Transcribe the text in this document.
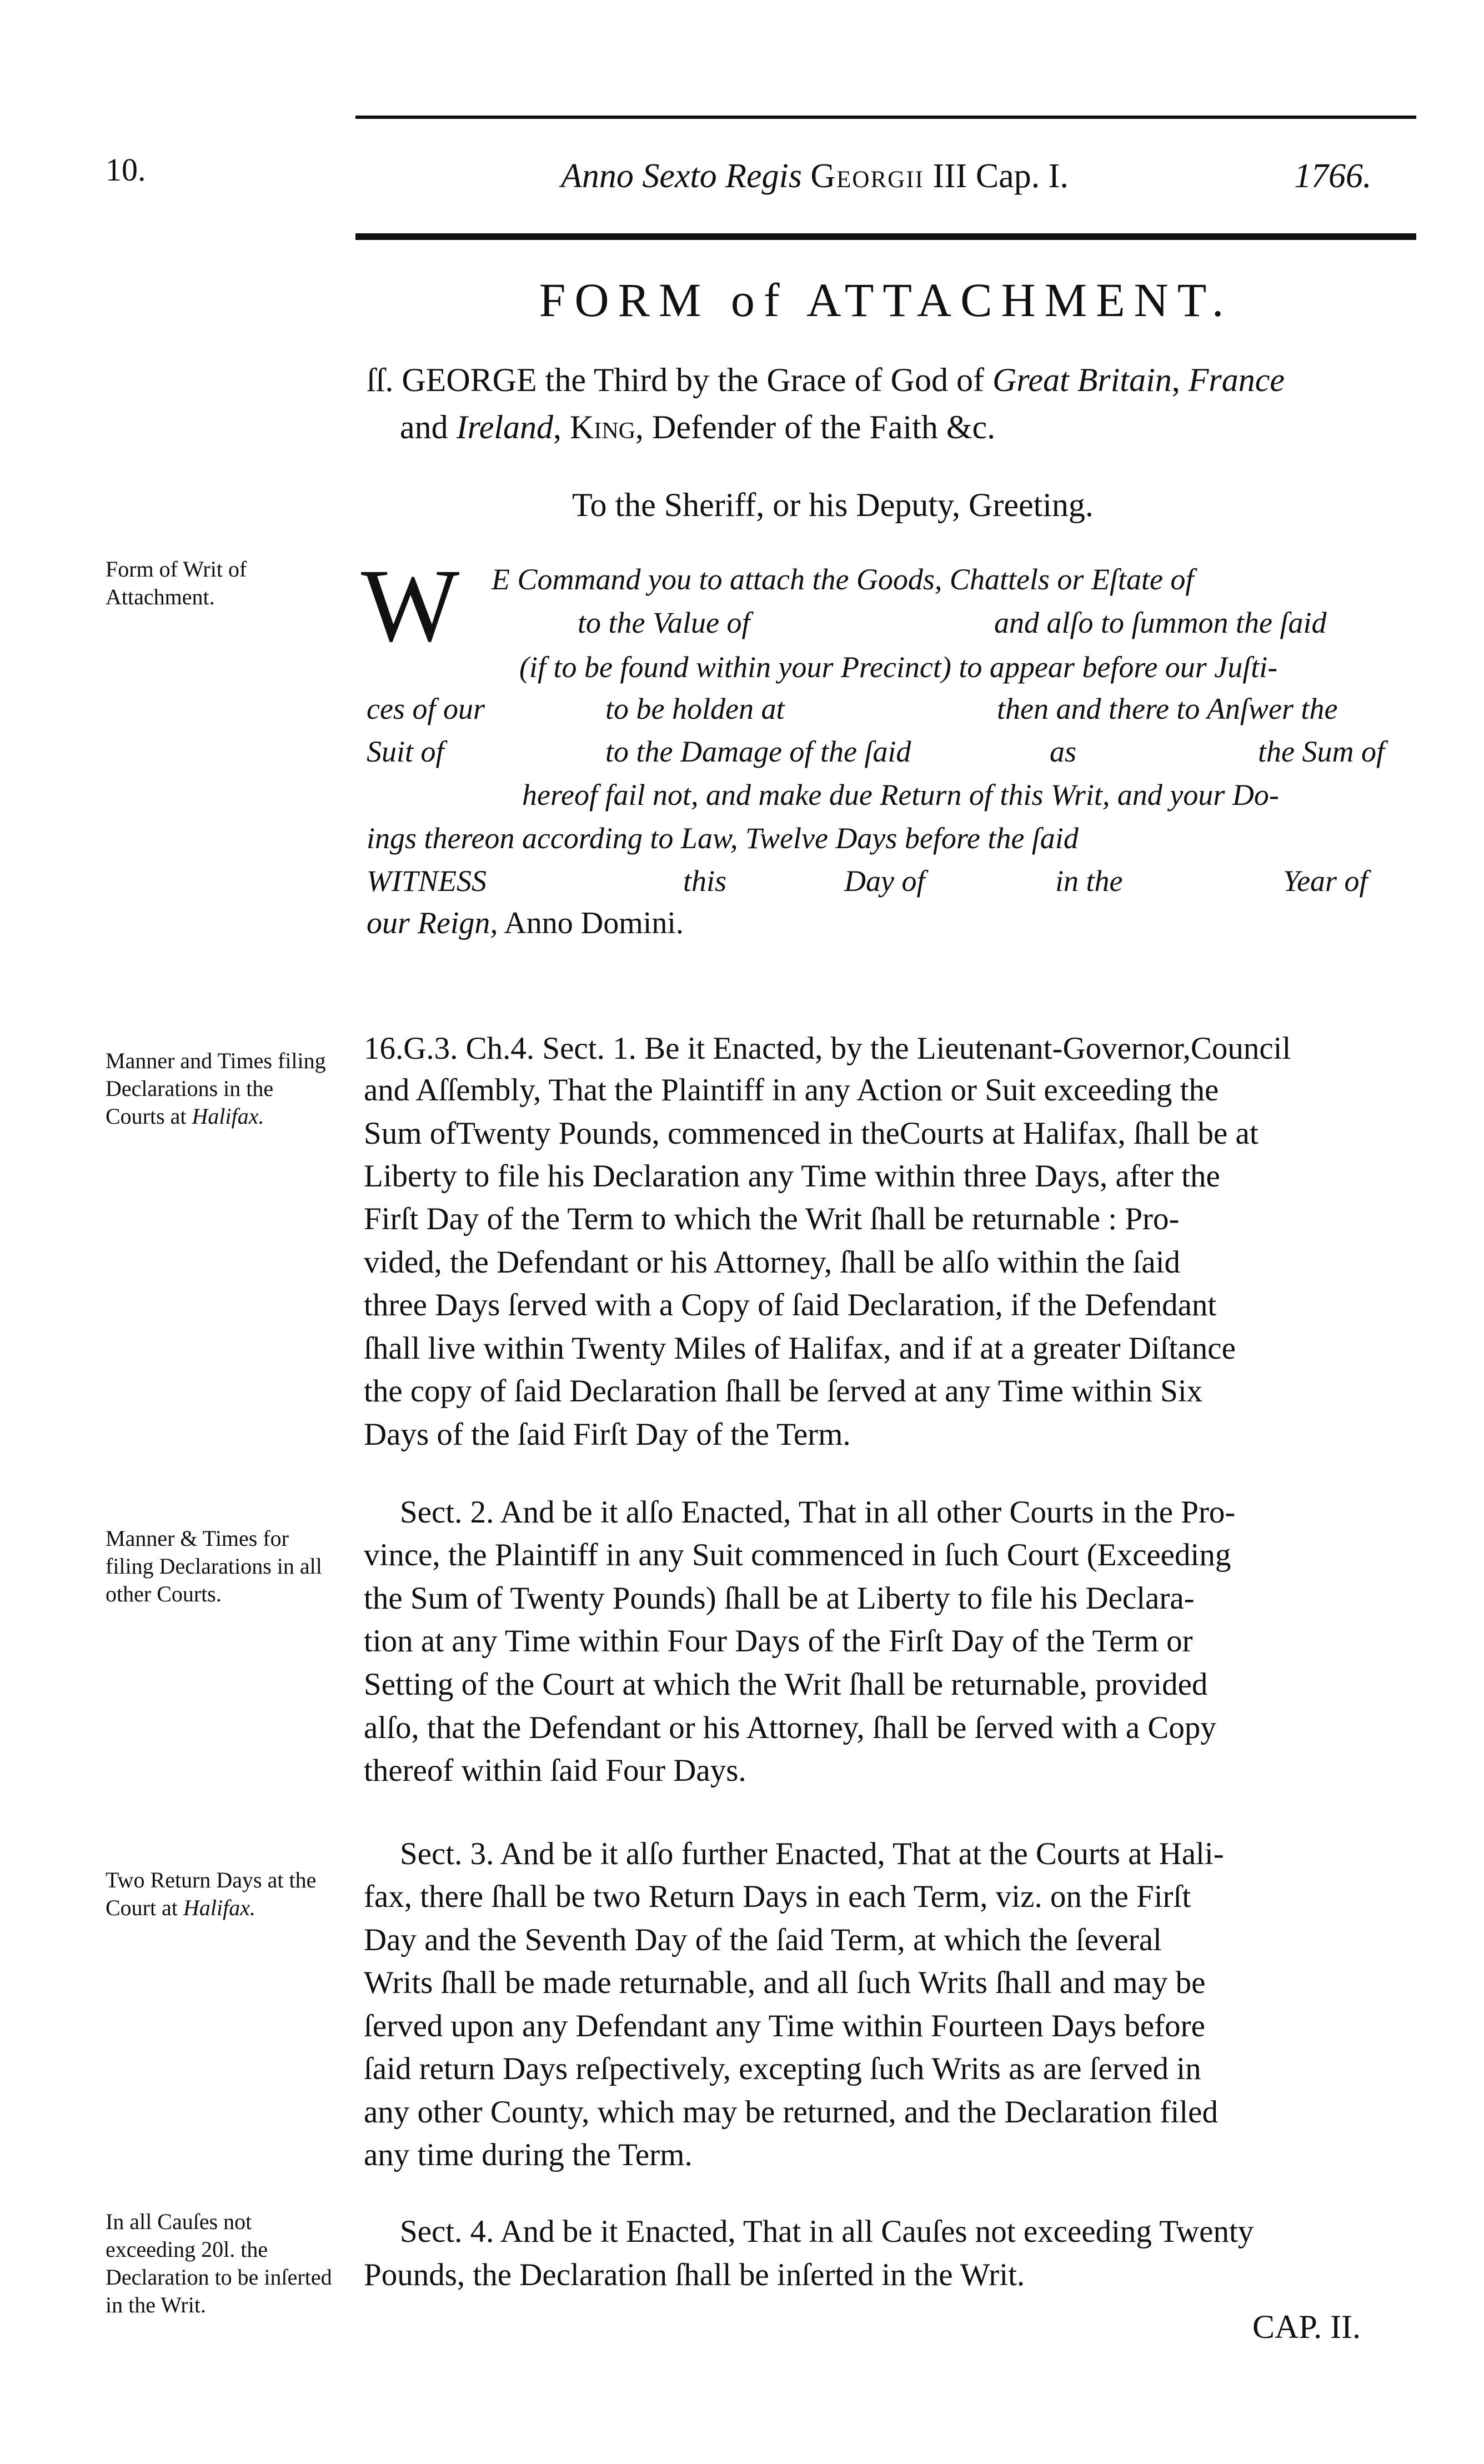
10.	Anno Sexto Regis Georgii III Cap. I.	1766.
FORM of ATTACHMENT.
ſſ. GEORGE the Third by the Grace of God of Great Britain, France
and Ireland, King, Defender of the Faith &c.
To the Sheriff, or his Deputy, Greeting.
Form of Writ of Attachment.	W E Command you to attach the Goods, Chattels or Eſtate of
to the Value of	and alſo to ſummon the ſaid
(if to be found within your Precinct) to appear before our Juſti-
ces of our	to be holden at	then and there to Anſwer the
Suit of	to the Damage of the ſaid	as	the Sum of
hereof fail not, and make due Return of this Writ, and your Do-
ings thereon according to Law, Twelve Days before the ſaid
WITNESS	this	Day of	in the	Year of
our Reign, Anno Domini.
Manner and Times filing Declarations in the Courts at Halifax.
16.G.3. Ch.4. Sect. 1. Be it Enacted, by the Lieutenant-Governor,Council
and Aſſembly, That the Plaintiff in any Action or Suit exceeding the
Sum ofTwenty Pounds, commenced in theCourts at Halifax, ſhall be at
Liberty to file his Declaration any Time within three Days, after the
Firſt Day of the Term to which the Writ ſhall be returnable : Pro-
vided, the Defendant or his Attorney, ſhall be alſo within the ſaid
three Days ſerved with a Copy of ſaid Declaration, if the Defendant
ſhall live within Twenty Miles of Halifax, and if at a greater Diſtance
the copy of ſaid Declaration ſhall be ſerved at any Time within Six
Days of the ſaid Firſt Day of the Term.
Manner & Times for filing Declarations in all other Courts.
Sect. 2. And be it alſo Enacted, That in all other Courts in the Pro-
vince, the Plaintiff in any Suit commenced in ſuch Court (Exceeding
the Sum of Twenty Pounds) ſhall be at Liberty to file his Declara-
tion at any Time within Four Days of the Firſt Day of the Term or
Setting of the Court at which the Writ ſhall be returnable, provided
alſo, that the Defendant or his Attorney, ſhall be ſerved with a Copy
thereof within ſaid Four Days.
Two Return Days at the Court at Halifax.
Sect. 3. And be it alſo further Enacted, That at the Courts at Hali-
fax, there ſhall be two Return Days in each Term, viz. on the Firſt
Day and the Seventh Day of the ſaid Term, at which the ſeveral
Writs ſhall be made returnable, and all ſuch Writs ſhall and may be
ſerved upon any Defendant any Time within Fourteen Days before
ſaid return Days reſpectively, excepting ſuch Writs as are ſerved in
any other County, which may be returned, and the Declaration filed
any time during the Term.
In all Cauſes not exceeding 20l. the Declaration to be inſerted in the Writ.
Sect. 4. And be it Enacted, That in all Cauſes not exceeding Twenty
Pounds, the Declaration ſhall be inſerted in the Writ.
CAP. II.
